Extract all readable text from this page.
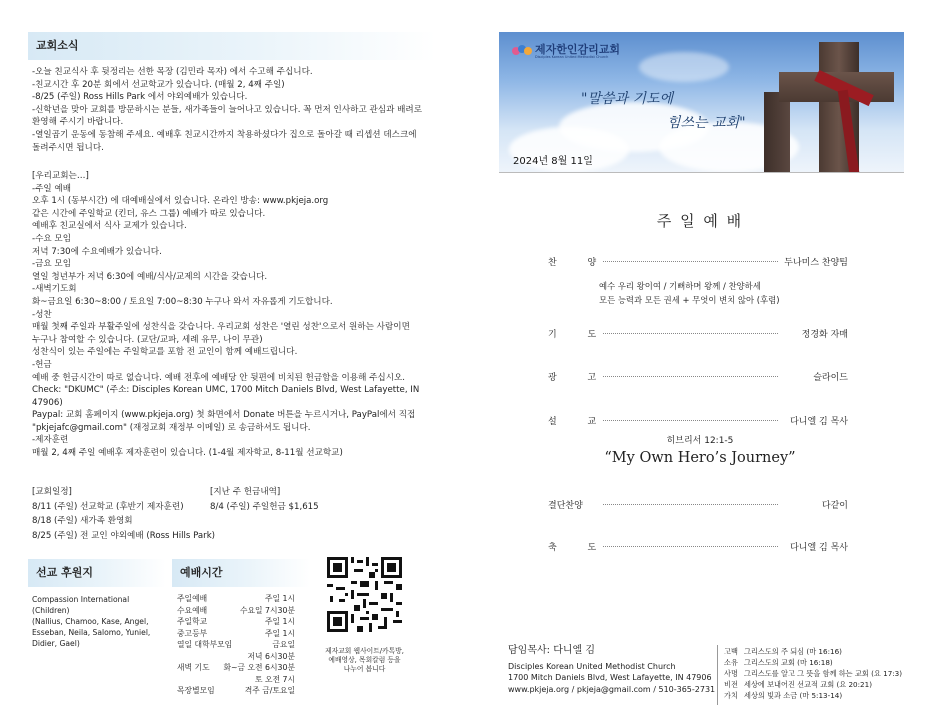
교회소식
-오늘 친교식사 후 뒷정리는 선한 목장 (김민라 목자) 에서 수고해 주십니다.
-친교시간 후 20분 회에서 선교학교가 있습니다. (매월 2, 4째 주일)
-8/25 (주일) Ross Hills Park 에서 야외예배가 있습니다.
-신학년을 맞아 교회를 방문하시는 분들, 새가족들이 늘어나고 있습니다. 꼭 먼저 인사하고 관심과 배려로
환영해 주시기 바랍니다.
-열일곱기 운동에 동참해 주세요. 예배후 친교시간까지 착용하셨다가 집으로 돌아갈 때 리셉션 데스크에
돌려주시면 됩니다.
[우리교회는…]
-주일 예배
오후 1시 (동부시간) 에 대예배실에서 있습니다. 온라인 방송: www.pkjeja.org
같은 시간에 주일학교 (킨더, 유스 그룹) 예배가 따로 있습니다.
예배후 친교실에서 식사 교제가 있습니다.
-수요 모임
저녁 7:30에 수요예배가 있습니다.
-금요 모임
열일 청년부가 저녁 6:30에 예배/식사/교제의 시간을 갖습니다.
-새벽기도회
화~금요일 6:30~8:00 / 토요일 7:00~8:30 누구나 와서 자유롭게 기도합니다.
-성찬
매월 첫째 주일과 부활주일에 성찬식을 갖습니다. 우리교회 성찬은 '열린 성찬'으로서 원하는 사람이면
누구나 참여할 수 있습니다. (교단/교파, 세례 유무, 나이 무관)
성찬식이 있는 주일에는 주일학교를 포함 전 교인이 함께 예배드립니다.
-헌금
예배 중 헌금시간이 따로 없습니다. 예배 전후에 예배당 안 뒷편에 비치된 헌금함을 이용해 주십시오.
Check: "DKUMC" (주소: Disciples Korean UMC, 1700 Mitch Daniels Blvd, West Lafayette, IN
47906)
Paypal: 교회 홈페이지 (www.pkjeja.org) 첫 화면에서 Donate 버튼을 누르시거나, PayPal에서 직접
"pkjejafc@gmail.com" (재정교회 재정부 이메일) 로 송금하셔도 됩니다.
-제자훈련
매월 2, 4째 주일 예배후 제자훈련이 있습니다. (1-4월 제자학교, 8-11월 선교학교)
[교회일정]
8/11 (주일) 선교학교 (후반기 제자훈련)
8/18 (주일) 새가족 환영회
8/25 (주일) 전 교인 야외예배 (Ross Hills Park)
[지난 주 헌금내역]
8/4 (주일) 주일헌금 $1,615
선교 후원지
Compassion International
(Children)
(Nallius, Chamoo, Kase, Angel,
Esseban, Neila, Salomo, Yuniel,
Didier, Gael)
예배시간
주일예배	주일 1시
수요예배	수요일 7시30분
주일학교	주일 1시
중고등부	주일 1시
열일 대학부모임	금요일
저녁 6시30분
새벽 기도 화~금 오전 6시30분
토 오전 7시
목장별모임	격주 금/토요일
제자교회 웹사이트/카톡방,
예배영상, 목회칼럼 등을
나누어 봅니다
제자한인감리교회
Disciples Korean United Methodist Church
"말씀과 기도에
힘쓰는 교회"
2024년 8월 11일
주 일 예 배
찬 양	두나미스 찬양팀
예수 우리 왕이여 / 기뻐하며 왕께 / 찬양하세
모든 능력과 모든 권세 + 무엇이 변치 않아 (후렴)
기 도	정경화 자매
광 고	슬라이드
설 교	다니엘 김 목사
히브리서 12:1-5
“My Own Hero’s Journey”
결단찬양	다같이
축 도	다니엘 김 목사
담임목사: 다니엘 김
Disciples Korean United Methodist Church
1700 Mitch Daniels Blvd, West Lafayette, IN 47906
www.pkjeja.org / pkjeja@gmail.com / 510-365-2731
고백 그리스도의 주 되심 (마 16:16)
소유 그리스도의 교회 (마 16:18)
사명 그리스도를 알고 그 뜻을 함께 하는 교회 (요 17:3)
비전 세상에 보내어진 선교적 교회 (요 20:21)
가치 세상의 빛과 소금 (마 5:13-14)
